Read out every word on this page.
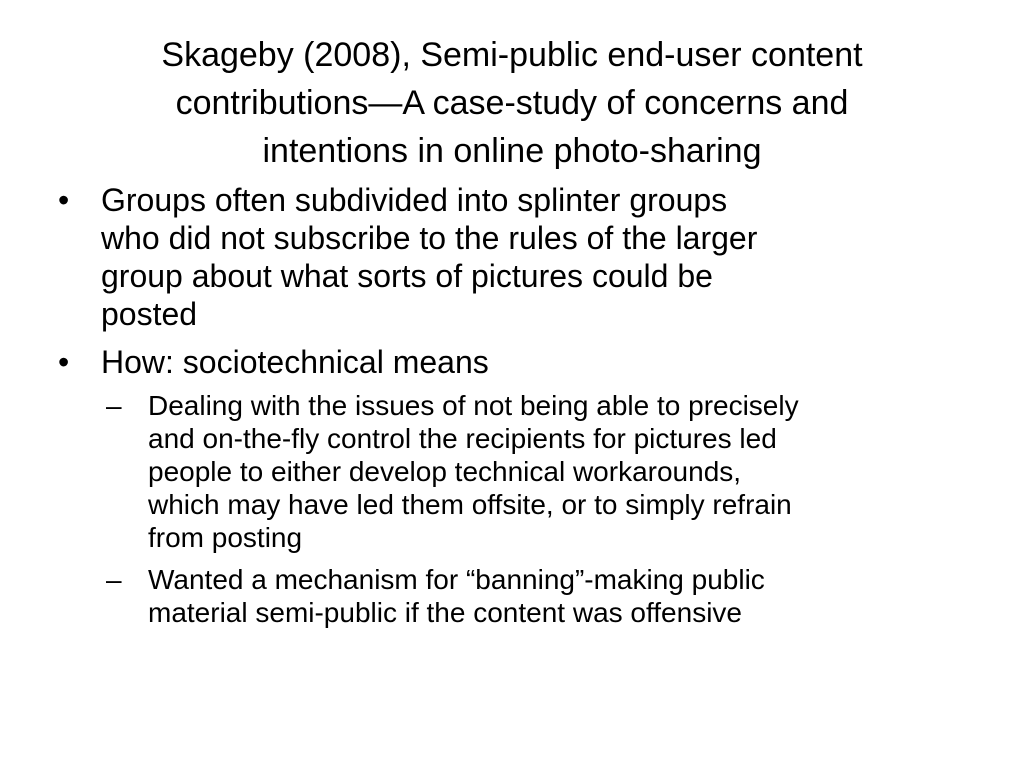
Skageby (2008), Semi-public end-user content
contributions—A case-study of concerns and
intentions in online photo-sharing
• Groups often subdivided into splinter groups
who did not subscribe to the rules of the larger
group about what sorts of pictures could be
posted
• How: sociotechnical means
– Dealing with the issues of not being able to precisely
and on-the-fly control the recipients for pictures led
people to either develop technical workarounds,
which may have led them offsite, or to simply refrain
from posting
– Wanted a mechanism for “banning”-making public
material semi-public if the content was offensive
